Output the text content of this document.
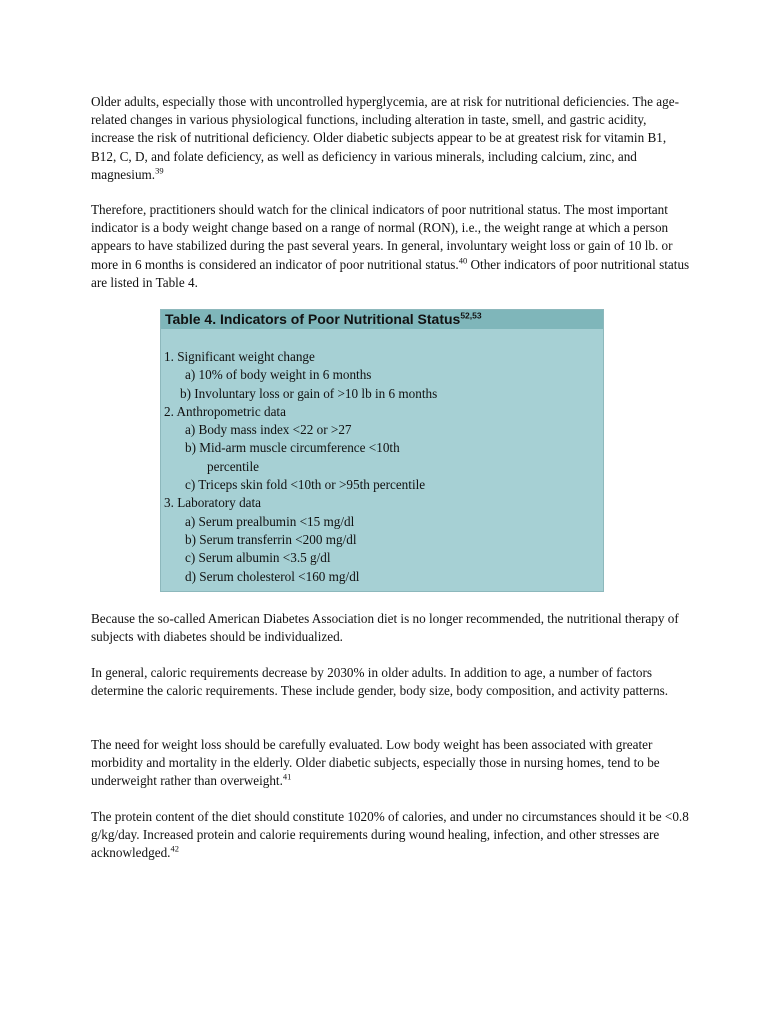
Older adults, especially those with uncontrolled hyperglycemia, are at risk for nutritional deficiencies. The age-related changes in various physiological functions, including alteration in taste, smell, and gastric acidity, increase the risk of nutritional deficiency. Older diabetic subjects appear to be at greatest risk for vitamin B1, B12, C, D, and folate deficiency, as well as deficiency in various minerals, including calcium, zinc, and magnesium.$^{39}$

Therefore, practitioners should watch for the clinical indicators of poor nutritional status. The most important indicator is a body weight change based on a range of normal (RON), i.e., the weight range at which a person appears to have stabilized during the past several years. In general, involuntary weight loss or gain of 10 lb. or more in 6 months is considered an indicator of poor nutritional status.$^{40}$ Other indicators of poor nutritional status are listed in Table 4.

Table 4. Indicators of Poor Nutritional Status$^{52,53}$
1. Significant weight change
a) 10% of body weight in 6 months
b) Involuntary loss or gain of >10 lb in 6 months
2. Anthropometric data
a) Body mass index <22 or >27
b) Mid-arm muscle circumference <10th
percentile
c) Triceps skin fold <10th or >95th percentile
3. Laboratory data
a) Serum prealbumin <15 mg/dl
b) Serum transferrin <200 mg/dl
c) Serum albumin <3.5 g/dl
d) Serum cholesterol <160 mg/dl

Because the so-called American Diabetes Association diet is no longer recommended, the nutritional therapy of subjects with diabetes should be individualized.

In general, caloric requirements decrease by 2030% in older adults. In addition to age, a number of factors determine the caloric requirements. These include gender, body size, body composition, and activity patterns.

The need for weight loss should be carefully evaluated. Low body weight has been associated with greater morbidity and mortality in the elderly. Older diabetic subjects, especially those in nursing homes, tend to be underweight rather than overweight.$^{41}$

The protein content of the diet should constitute 1020% of calories, and under no circumstances should it be <0.8 g/kg/day. Increased protein and calorie requirements during wound healing, infection, and other stresses are acknowledged.$^{42}$
